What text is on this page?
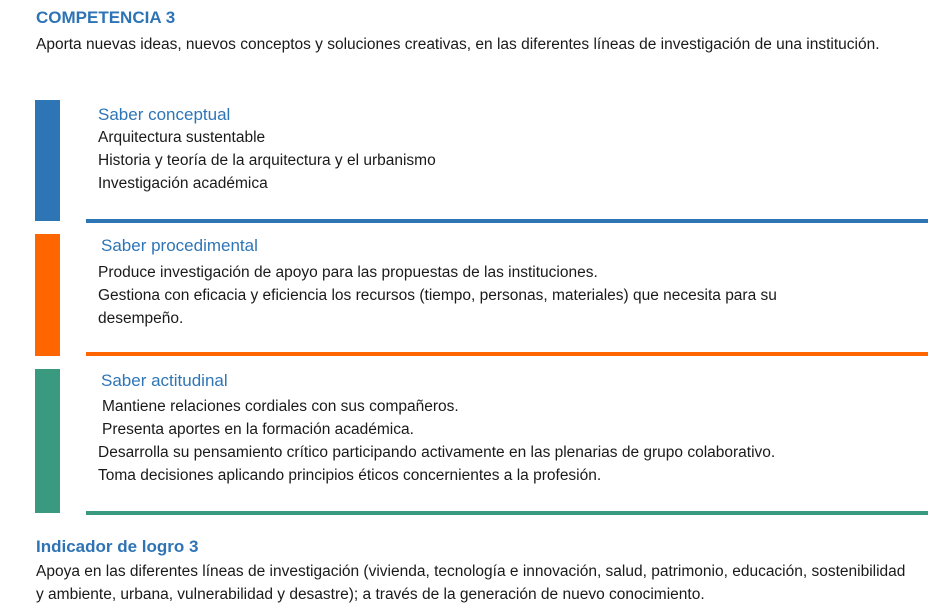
COMPETENCIA 3
Aporta nuevas ideas, nuevos conceptos y soluciones creativas, en las diferentes líneas de investigación de una institución.
Saber conceptual
Arquitectura sustentable
Historia y teoría de la arquitectura y el urbanismo
Investigación académica
Saber procedimental
Produce investigación de apoyo para las propuestas de las instituciones.
Gestiona con eficacia y eficiencia los recursos (tiempo, personas, materiales) que necesita para su desempeño.
Saber actitudinal
Mantiene relaciones cordiales con sus compañeros.
Presenta aportes en la formación académica.
Desarrolla su pensamiento crítico participando activamente en las plenarias de grupo colaborativo.
Toma decisiones aplicando principios éticos concernientes a la profesión.
Indicador de logro 3
Apoya en las diferentes líneas de investigación (vivienda, tecnología e innovación, salud, patrimonio, educación, sostenibilidad y ambiente, urbana, vulnerabilidad y desastre); a través de la generación de nuevo conocimiento.
